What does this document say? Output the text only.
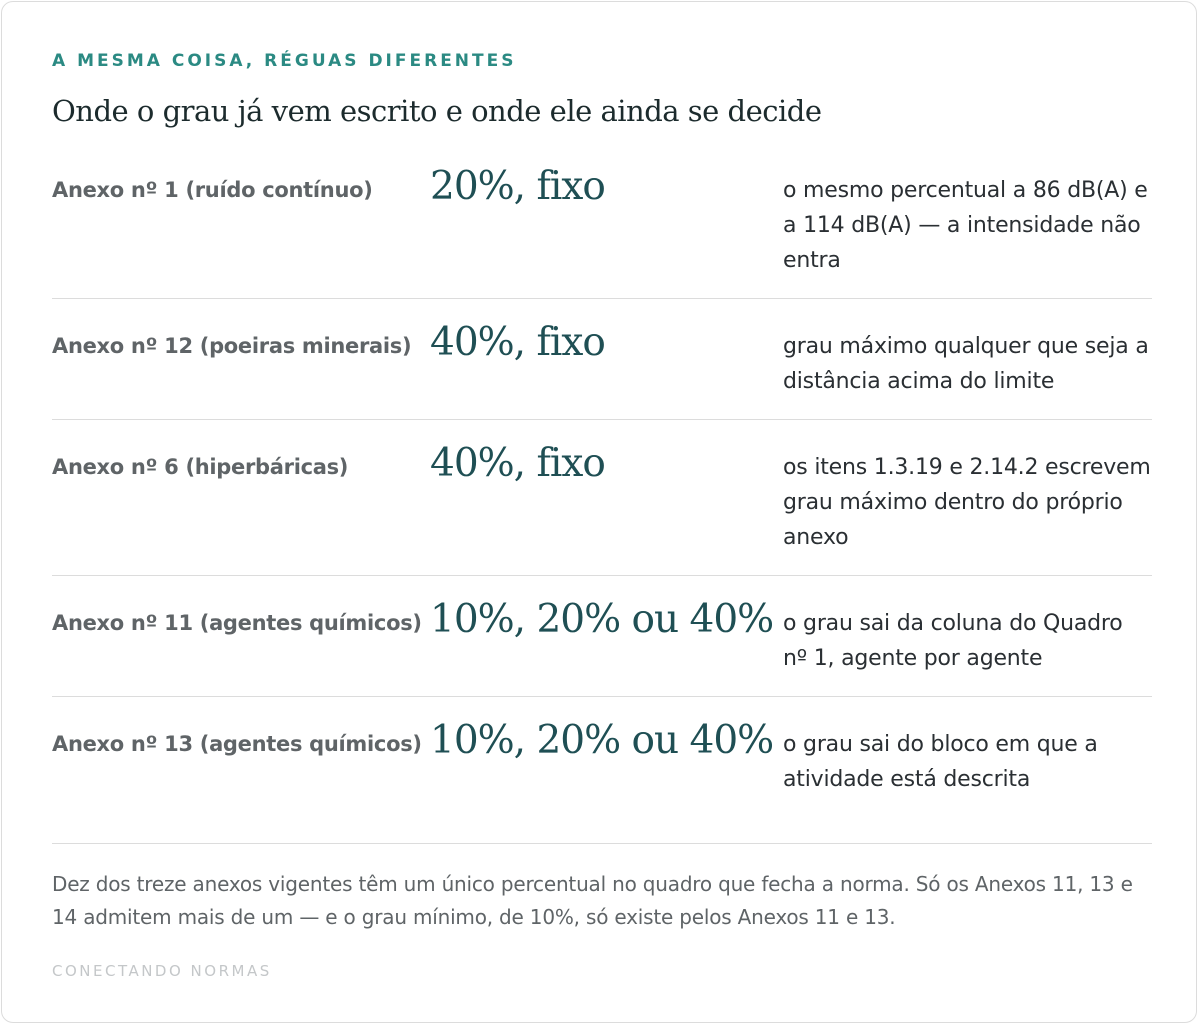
A MESMA COISA, RÉGUAS DIFERENTES
Onde o grau já vem escrito e onde ele ainda se decide
Anexo nº 1 (ruído contínuo) 20%, fixo	o mesmo percentual a 86 dB(A) e a 114 dB(A) — a intensidade não entra
Anexo nº 12 (poeiras minerais) 40%, fixo	grau máximo qualquer que seja a distância acima do limite
Anexo nº 6 (hiperbáricas) 40%, fixo	os itens 1.3.19 e 2.14.2 escrevem grau máximo dentro do próprio anexo
Anexo nº 11 (agentes químicos) 10%, 20% ou 40% o grau sai da coluna do Quadro nº 1, agente por agente
Anexo nº 13 (agentes químicos) 10%, 20% ou 40% o grau sai do bloco em que a atividade está descrita
Dez dos treze anexos vigentes têm um único percentual no quadro que fecha a norma. Só os Anexos 11, 13 e 14 admitem mais de um — e o grau mínimo, de 10%, só existe pelos Anexos 11 e 13.
CONECTANDO NORMAS
